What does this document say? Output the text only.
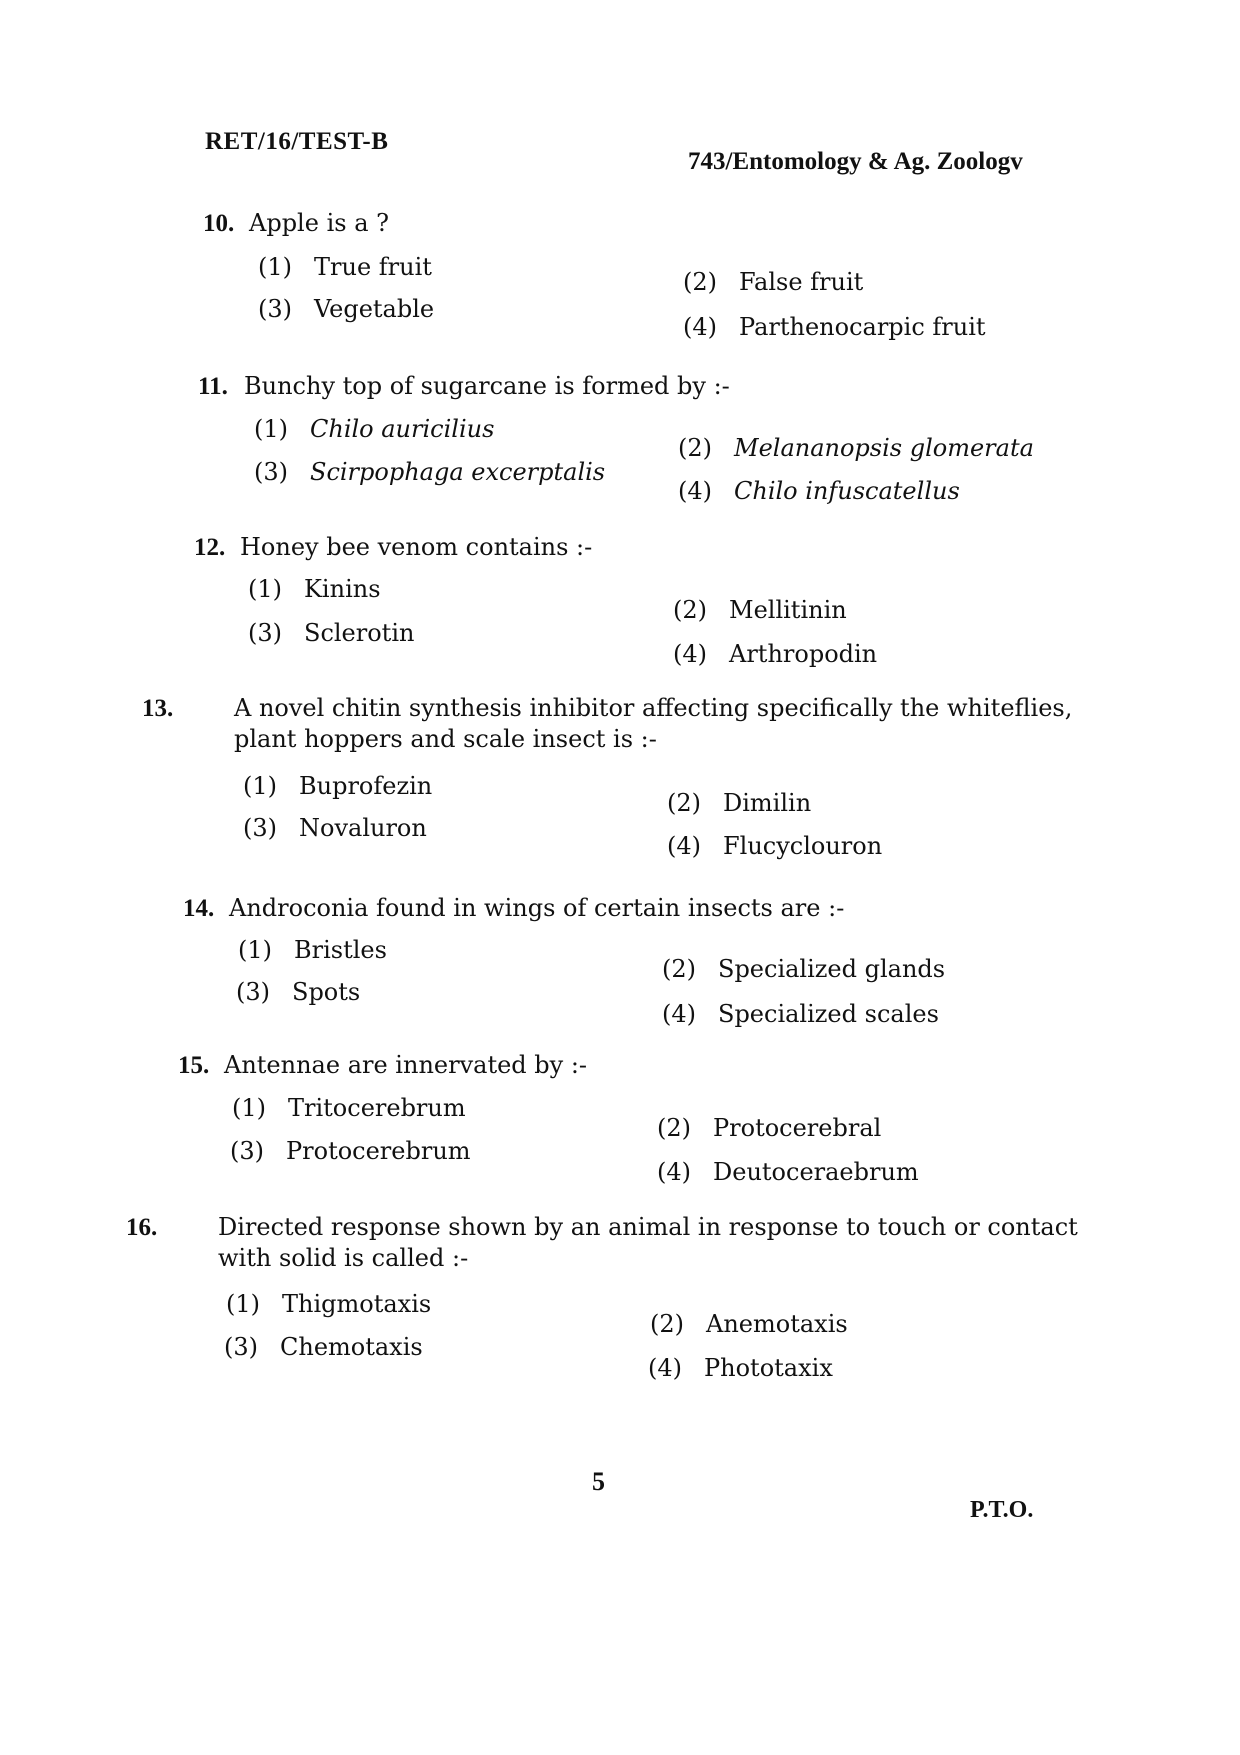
RET/16/TEST-B
743/Entomology & Ag. Zoologv
10. Apple is a ?
(1) True fruit
(2) False fruit
(3) Vegetable
(4) Parthenocarpic fruit
11. Bunchy top of sugarcane is formed by :-
(1) Chilo auricilius
(2) Melananopsis glomerata
(3) Scirpophaga excerptalis
(4) Chilo infuscatellus
12. Honey bee venom contains :-
(1) Kinins
(2) Mellitinin
(3) Sclerotin
(4) Arthropodin
13.	A novel chitin synthesis inhibitor affecting specifically the whiteflies, plant hoppers and scale insect is :-
(1) Buprofezin
(2) Dimilin
(3) Novaluron
(4) Flucyclouron
14. Androconia found in wings of certain insects are :-
(1) Bristles
(2) Specialized glands
(3) Spots
(4) Specialized scales
15. Antennae are innervated by :-
(1) Tritocerebrum
(2) Protocerebral
(3) Protocerebrum
(4) Deutoceraebrum
16.	Directed response shown by an animal in response to touch or contact with solid is called :-
(1) Thigmotaxis
(2) Anemotaxis
(3) Chemotaxis
(4) Phototaxix
5
P.T.O.
